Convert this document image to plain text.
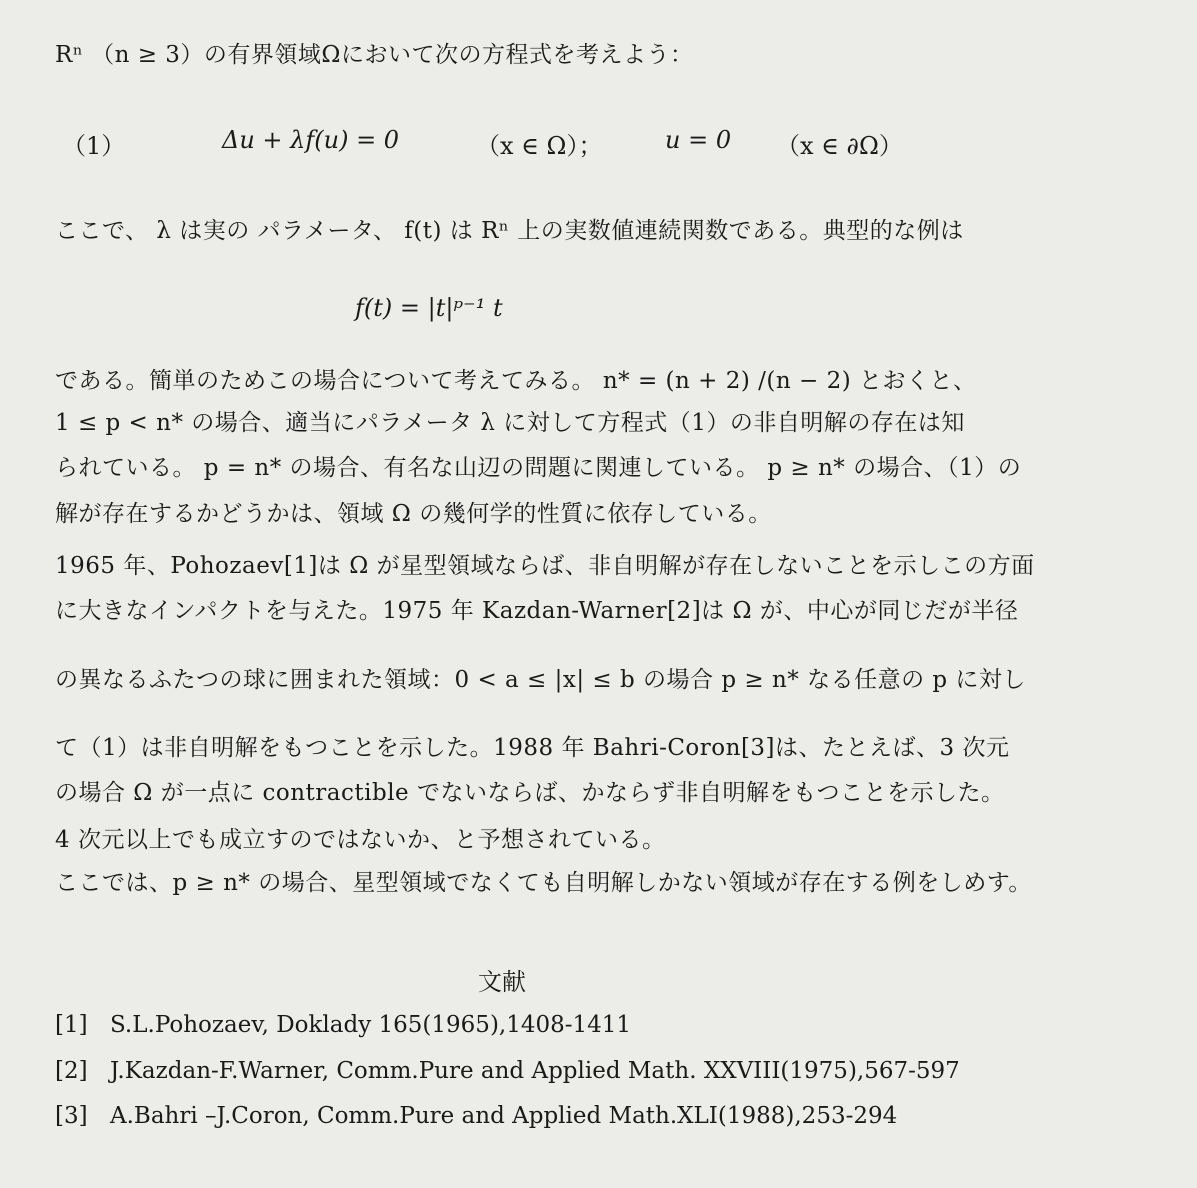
Rⁿ （n ≥ 3）の有界領域Ωにおいて次の方程式を考えよう：
（1）	Δu + λf(u) = 0	（x ∈ Ω）；	u = 0 （x ∈ ∂Ω）
ここで、 λ は実の パラメータ、 f(t) は Rⁿ 上の実数値連続関数である。典型的な例は
f(t) = |t|ᵖ⁻¹ t
である。簡単のためこの場合について考えてみる。 n* = (n + 2) /(n − 2) とおくと、
1 ≤ p < n* の場合、適当にパラメータ λ に対して方程式（1）の非自明解の存在は知
られている。 p = n* の場合、有名な山辺の問題に関連している。 p ≥ n* の場合、（1）の
解が存在するかどうかは、領域 Ω の幾何学的性質に依存している。
1965 年、Pohozaev[1]は Ω が星型領域ならば、非自明解が存在しないことを示しこの方面
に大きなインパクトを与えた。1975 年 Kazdan-Warner[2]は Ω が、中心が同じだが半径
の異なるふたつの球に囲まれた領域：0 < a ≤ |x| ≤ b の場合 p ≥ n* なる任意の p に対し
て（1）は非自明解をもつことを示した。1988 年 Bahri-Coron[3]は、たとえば、3 次元
の場合 Ω が一点に contractible でないならば、かならず非自明解をもつことを示した。
4 次元以上でも成立すのではないか、と予想されている。
ここでは、p ≥ n* の場合、星型領域でなくても自明解しかない領域が存在する例をしめす。
文献
[1] S.L.Pohozaev, Doklady 165(1965),1408-1411
[2] J.Kazdan-F.Warner, Comm.Pure and Applied Math. XXVIII(1975),567-597
[3] A.Bahri –J.Coron, Comm.Pure and Applied Math.XLI(1988),253-294
